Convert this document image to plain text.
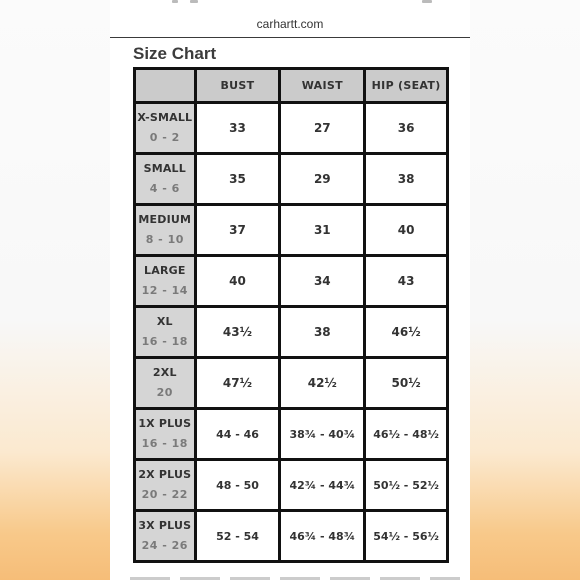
carhartt.com
Size Chart
	BUST	WAIST	HIP (SEAT)

X-SMALL
0 - 2	33	27	36

SMALL
4 - 6	35	29	38

MEDIUM
8 - 10	37	31	40

LARGE
12 - 14	40	34	43

XL
16 - 18	43½	38	46½

2XL
20	47½	42½	50½

1X PLUS
16 - 18	44 - 46	38¾ - 40¾	46½ - 48½

2X PLUS
20 - 22	48 - 50	42¾ - 44¾	50½ - 52½

3X PLUS
24 - 26	52 - 54	46¾ - 48¾	54½ - 56½
